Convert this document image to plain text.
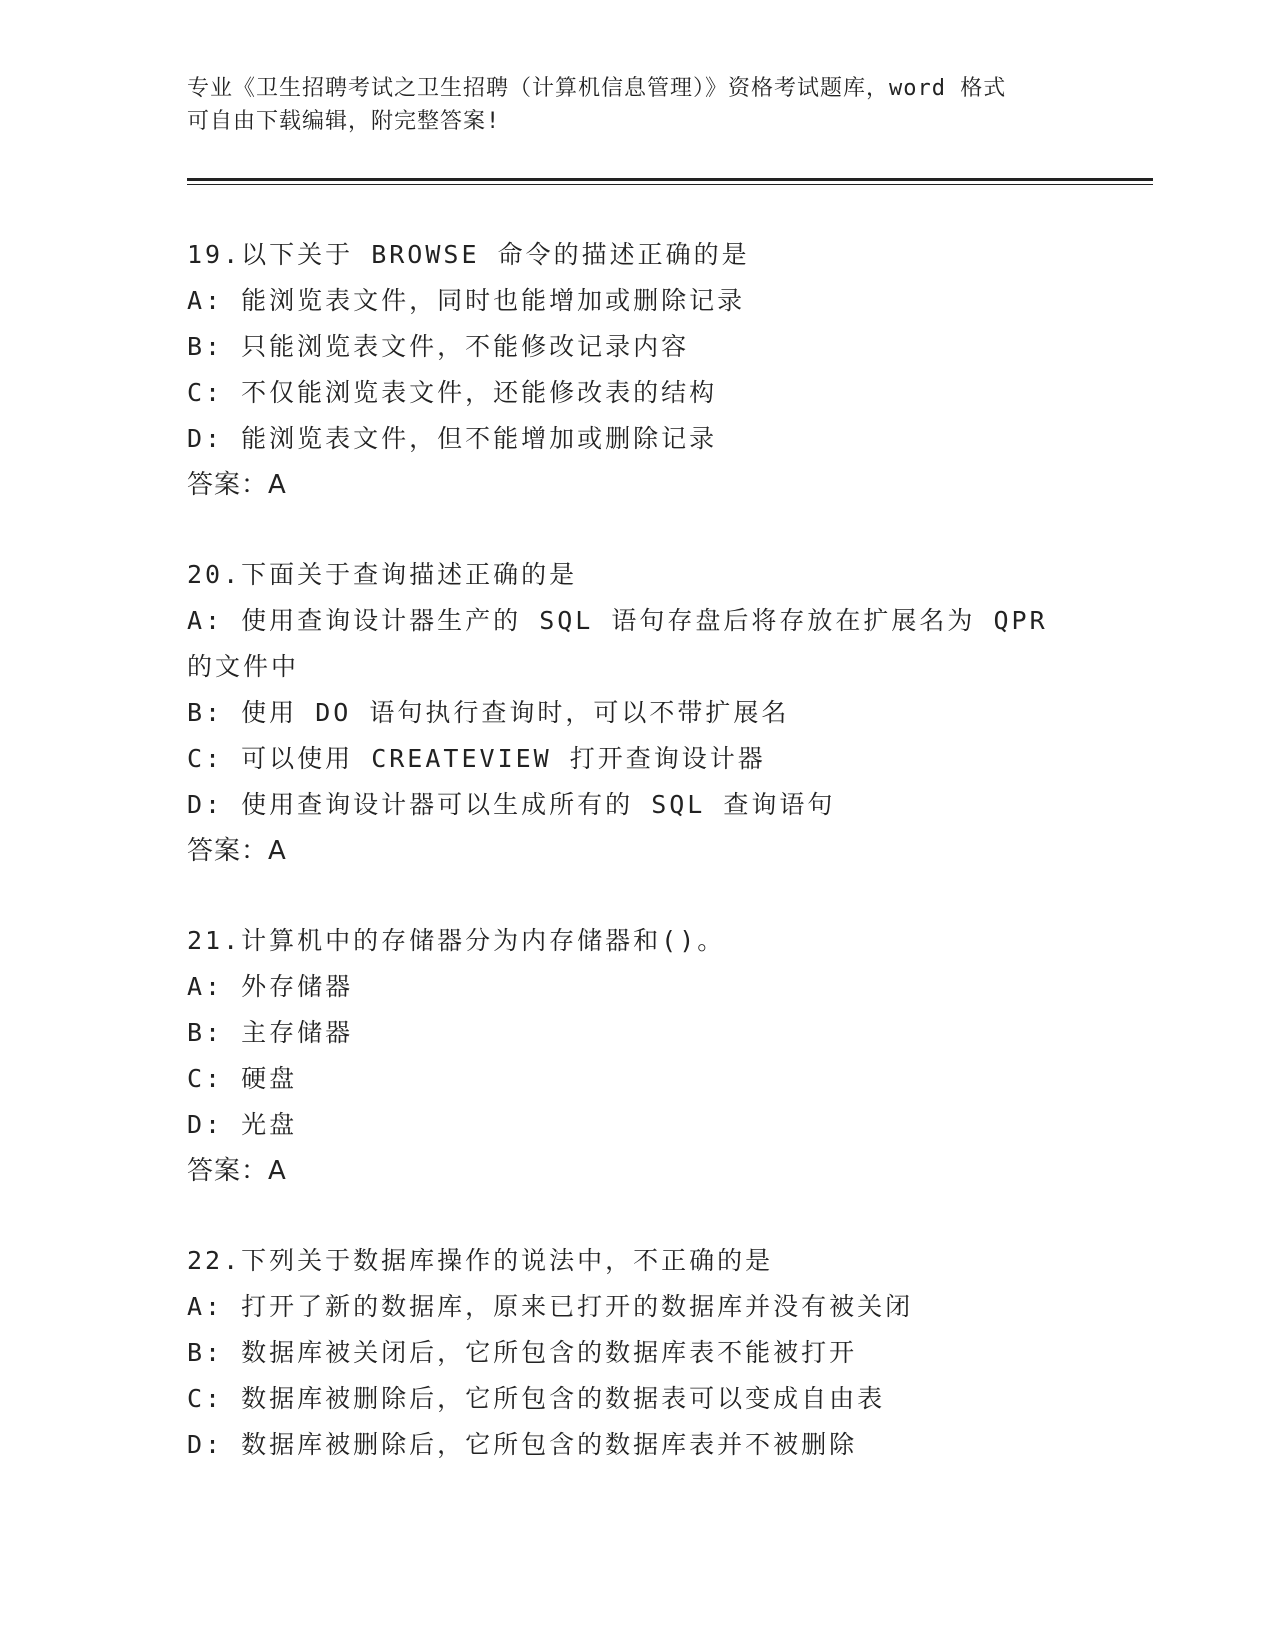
专业《卫生招聘考试之卫生招聘（计算机信息管理）》资格考试题库，word 格式
可自由下载编辑，附完整答案!

19.以下关于 BROWSE 命令的描述正确的是

A: 能浏览表文件，同时也能增加或删除记录

B: 只能浏览表文件，不能修改记录内容

C: 不仅能浏览表文件，还能修改表的结构

D: 能浏览表文件，但不能增加或删除记录

答案：A

20.下面关于查询描述正确的是

A: 使用查询设计器生产的 SQL 语句存盘后将存放在扩展名为 QPR 的文件中

B: 使用 DO 语句执行查询时，可以不带扩展名

C: 可以使用 CREATEVIEW 打开查询设计器

D: 使用查询设计器可以生成所有的 SQL 查询语句

答案：A

21.计算机中的存储器分为内存储器和()。

A: 外存储器

B: 主存储器

C: 硬盘

D: 光盘

答案：A

22.下列关于数据库操作的说法中，不正确的是

A: 打开了新的数据库，原来已打开的数据库并没有被关闭

B: 数据库被关闭后，它所包含的数据库表不能被打开

C: 数据库被删除后，它所包含的数据表可以变成自由表

D: 数据库被删除后，它所包含的数据库表并不被删除
